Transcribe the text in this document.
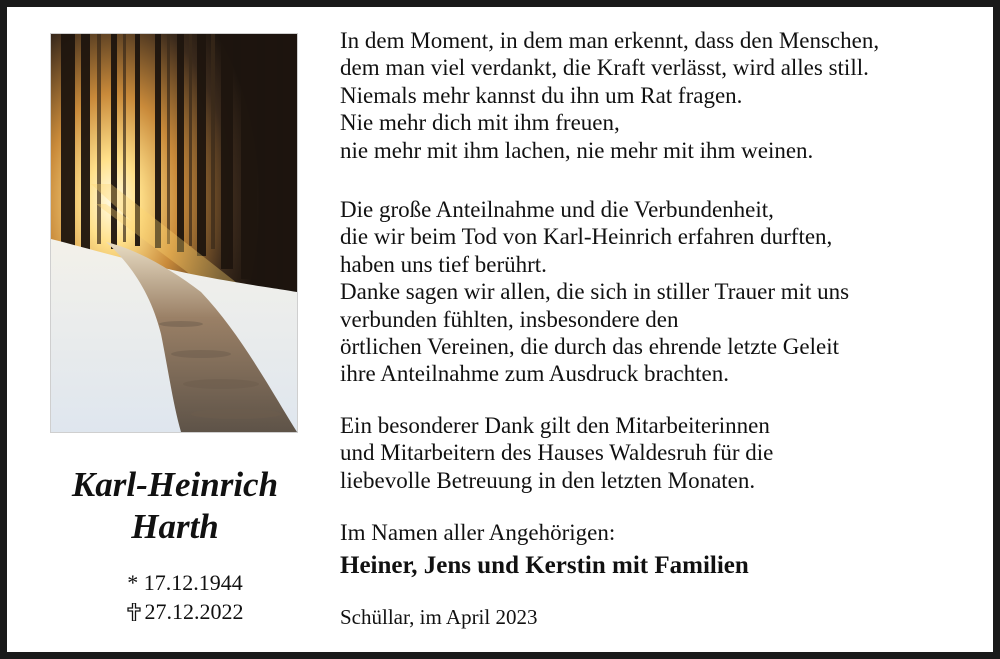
Karl-Heinrich
Harth
* 17.12.1944
27.12.2022
In dem Moment, in dem man erkennt, dass den Menschen,
dem man viel verdankt, die Kraft verlässt, wird alles still.
Niemals mehr kannst du ihn um Rat fragen.
Nie mehr dich mit ihm freuen,
nie mehr mit ihm lachen, nie mehr mit ihm weinen.
Die große Anteilnahme und die Verbundenheit,
die wir beim Tod von Karl-Heinrich erfahren durften,
haben uns tief berührt.
Danke sagen wir allen, die sich in stiller Trauer mit uns
verbunden fühlten, insbesondere den
örtlichen Vereinen, die durch das ehrende letzte Geleit
ihre Anteilnahme zum Ausdruck brachten.
Ein besonderer Dank gilt den Mitarbeiterinnen
und Mitarbeitern des Hauses Waldesruh für die
liebevolle Betreuung in den letzten Monaten.
Im Namen aller Angehörigen:
Heiner, Jens und Kerstin mit Familien
Schüllar, im April 2023
